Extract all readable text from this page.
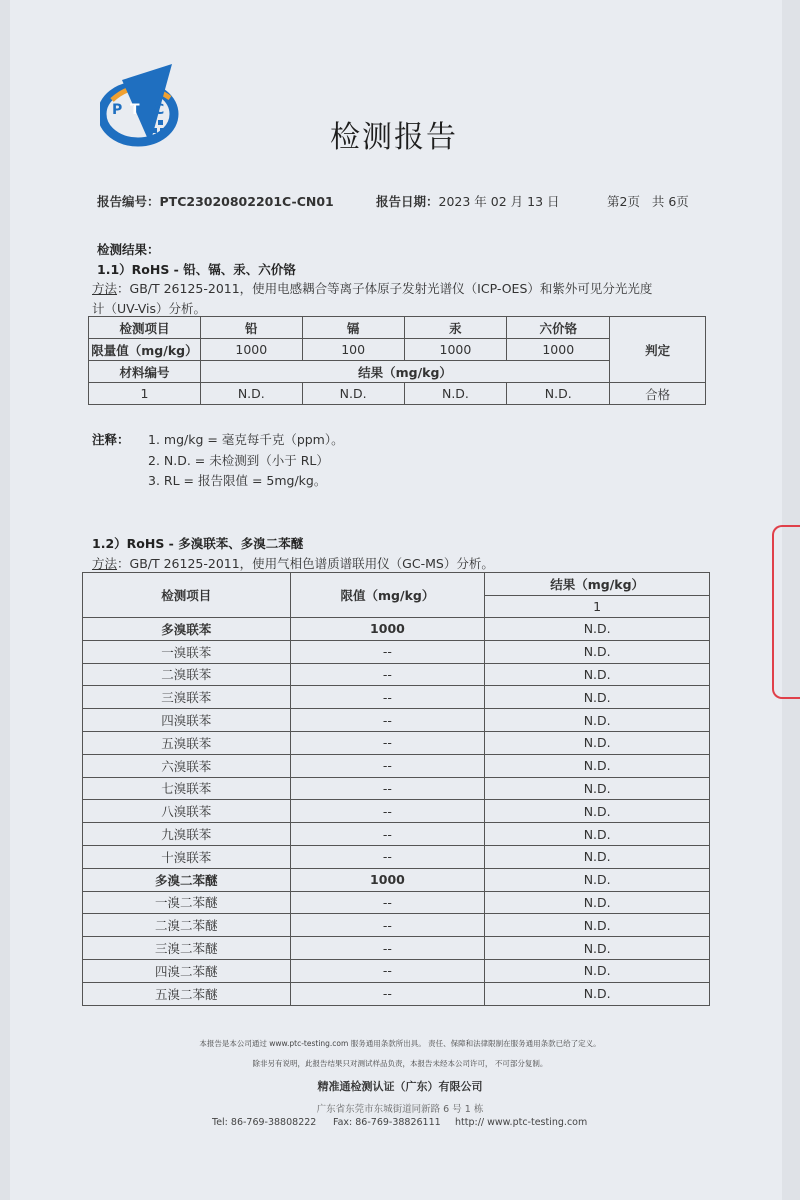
P T C
检测报告
报告编号：PTC23020802201C-CN01	报告日期：2023 年 02 月 13 日	第2页 共 6页
检测结果：
1.1）RoHS - 铅、镉、汞、六价铬
方法：GB/T 26125-2011，使用电感耦合等离子体原子发射光谱仪（ICP-OES）和紫外可见分光光度
计（UV-Vis）分析。
检测项目	铅	镉	汞	六价铬	判定
限量值（mg/kg）	1000	100	1000	1000	
材料编号	结果（mg/kg）				
1	N.D.	N.D.	N.D.	N.D.	合格
注释： 1. mg/kg = 毫克每千克（ppm）。
2. N.D. = 未检测到（小于 RL）
3. RL = 报告限值 = 5mg/kg。
1.2）RoHS - 多溴联苯、多溴二苯醚
方法：GB/T 26125-2011，使用气相色谱质谱联用仪（GC-MS）分析。
检测项目	限值（mg/kg）	结果（mg/kg）
		1
多溴联苯	1000	N.D.
一溴联苯	--	N.D.
二溴联苯	--	N.D.
三溴联苯	--	N.D.
四溴联苯	--	N.D.
五溴联苯	--	N.D.
六溴联苯	--	N.D.
七溴联苯	--	N.D.
八溴联苯	--	N.D.
九溴联苯	--	N.D.
十溴联苯	--	N.D.
多溴二苯醚	1000	N.D.
一溴二苯醚	--	N.D.
二溴二苯醚	--	N.D.
三溴二苯醚	--	N.D.
四溴二苯醚	--	N.D.
五溴二苯醚	--	N.D.
本报告是本公司通过 www.ptc-testing.com 服务通用条款所出具。 责任、保障和法律限制在服务通用条款已给了定义。
除非另有说明，此报告结果只对测试样品负责，本报告未经本公司许可， 不可部分复制。
精准通检测认证（广东）有限公司
广东省东莞市东城街道同新路 6 号 1 栋
Tel: 86-769-38808222 Fax: 86-769-38826111 http:// www.ptc-testing.com
